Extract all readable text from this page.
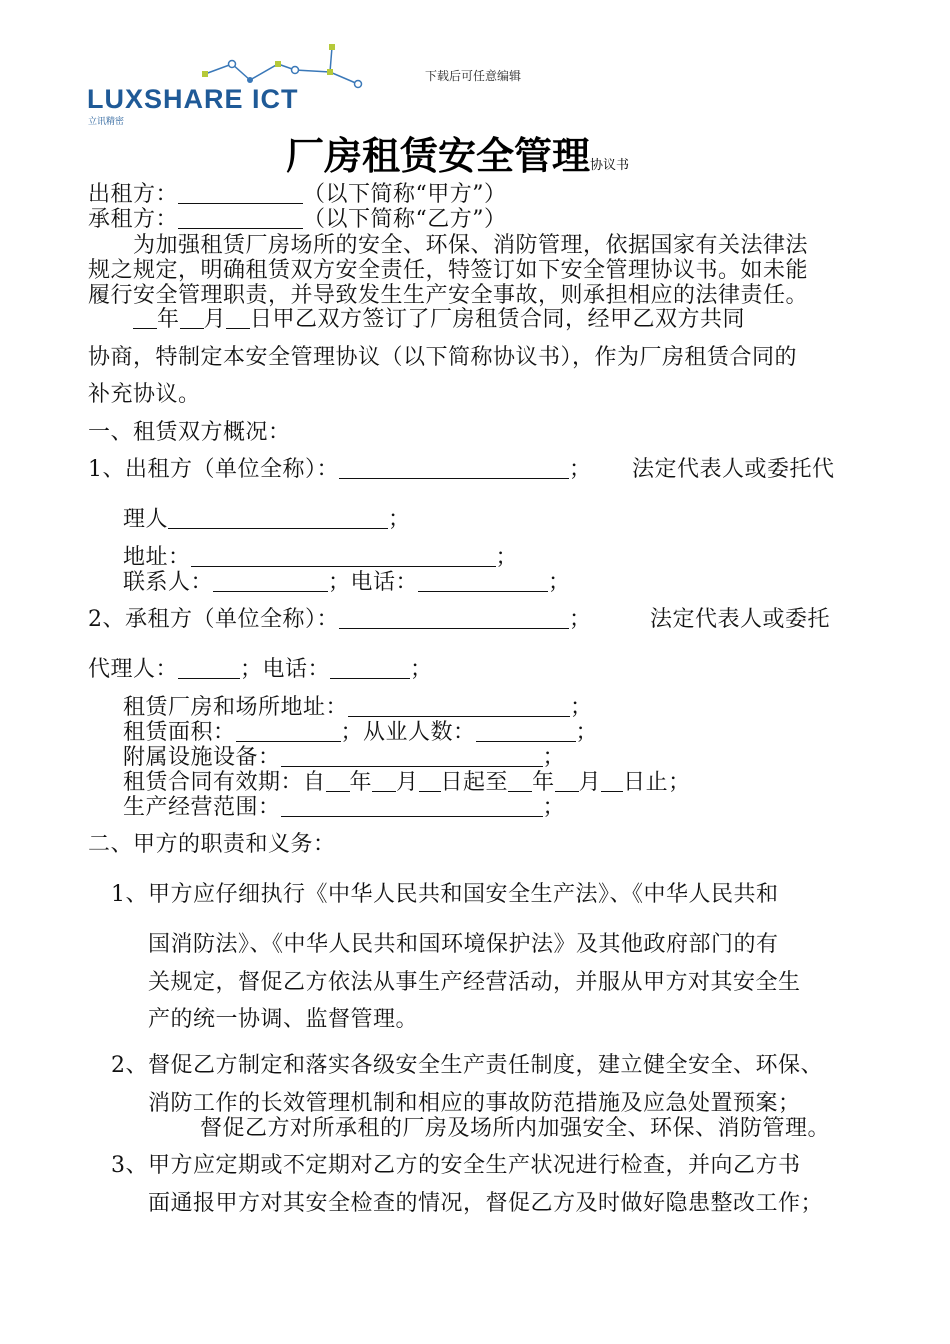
LUXSHARE ICT
立讯精密
下载后可任意编辑
厂房租赁安全管理协议书
出租方：	（以下简称“甲方”）
承租方：	（以下简称“乙方”）
为加强租赁厂房场所的安全、环保、消防管理，依据国家有关法律法
规之规定，明确租赁双方安全责任，特签订如下安全管理协议书。如未能
履行安全管理职责，并导致发生生产安全事故，则承担相应的法律责任。
年 月 日甲乙双方签订了厂房租赁合同，经甲乙双方共同
协商，特制定本安全管理协议（以下简称协议书），作为厂房租赁合同的
补充协议。
一、租赁双方概况：
1、出租方（单位全称）：	； 法定代表人或委托代
理人	；
地址：	；
联系人：	；电话：	；
2、承租方（单位全称）：	；	法定代表人或委托
代理人：	；电话：	；
租赁厂房和场所地址：	；
租赁面积：	；从业人数：	；
附属设施设备：	；
租赁合同有效期：自 年 月 日起至 年 月 日止；
生产经营范围：	；
二、甲方的职责和义务：
1、甲方应仔细执行《中华人民共和国安全生产法》、《中华人民共和
国消防法》、《中华人民共和国环境保护法》及其他政府部门的有
关规定，督促乙方依法从事生产经营活动，并服从甲方对其安全生
产的统一协调、监督管理。
2、督促乙方制定和落实各级安全生产责任制度，建立健全安全、环保、
消防工作的长效管理机制和相应的事故防范措施及应急处置预案；
督促乙方对所承租的厂房及场所内加强安全、环保、消防管理。
3、甲方应定期或不定期对乙方的安全生产状况进行检查，并向乙方书
面通报甲方对其安全检查的情况，督促乙方及时做好隐患整改工作；
